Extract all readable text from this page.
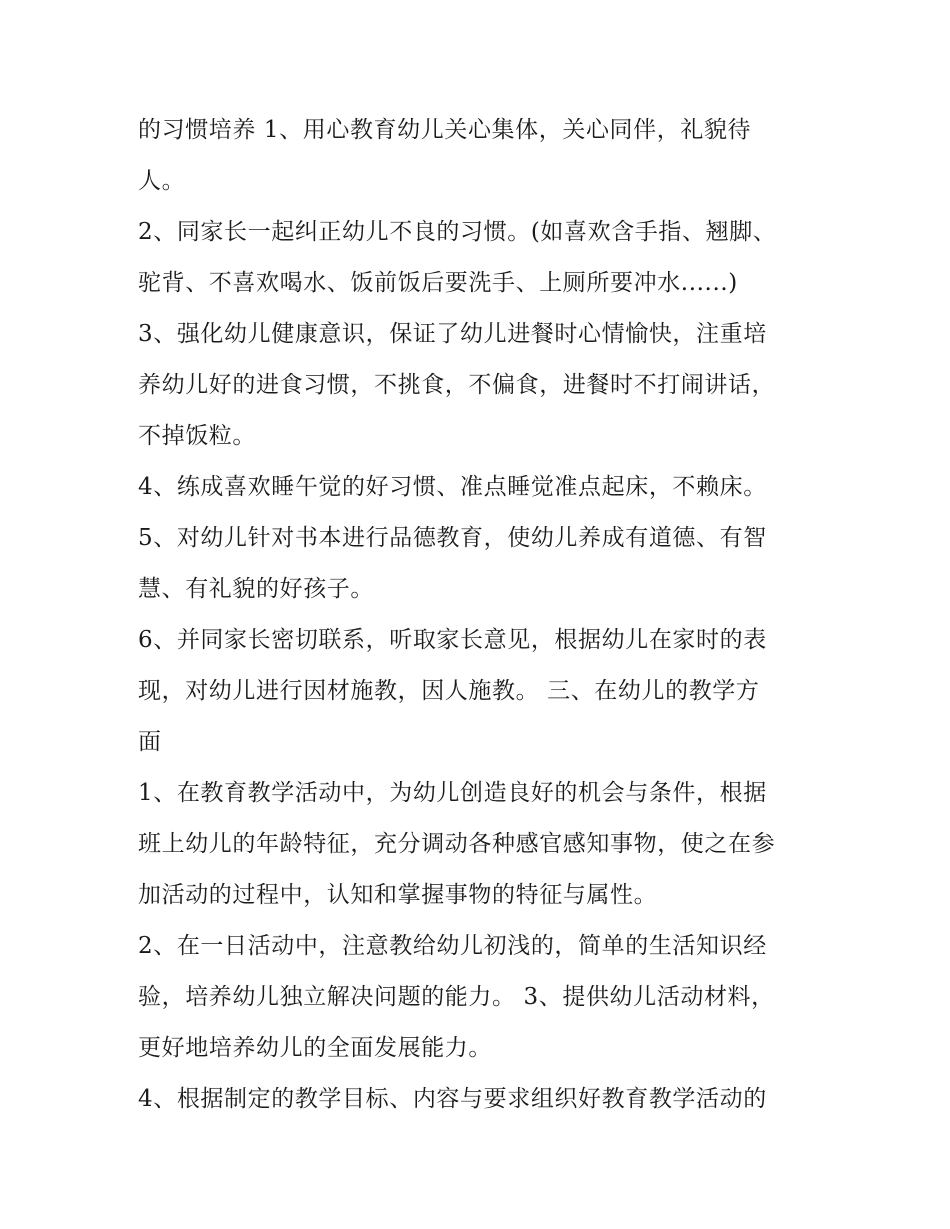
的习惯培养 1、用心教育幼儿关心集体，关心同伴，礼貌待
人。
2、同家长一起纠正幼儿不良的习惯。(如喜欢含手指、翘脚、
驼背、不喜欢喝水、饭前饭后要洗手、上厕所要冲水......)
3、强化幼儿健康意识，保证了幼儿进餐时心情愉快，注重培
养幼儿好的进食习惯，不挑食，不偏食，进餐时不打闹讲话，
不掉饭粒。
4、练成喜欢睡午觉的好习惯、准点睡觉准点起床，不赖床。
5、对幼儿针对书本进行品德教育，使幼儿养成有道德、有智
慧、有礼貌的好孩子。
6、并同家长密切联系，听取家长意见，根据幼儿在家时的表
现，对幼儿进行因材施教，因人施教。 三、在幼儿的教学方
面
1、在教育教学活动中，为幼儿创造良好的机会与条件，根据
班上幼儿的年龄特征，充分调动各种感官感知事物，使之在参
加活动的过程中，认知和掌握事物的特征与属性。
2、在一日活动中，注意教给幼儿初浅的，简单的生活知识经
验，培养幼儿独立解决问题的能力。 3、提供幼儿活动材料，
更好地培养幼儿的全面发展能力。
4、根据制定的教学目标、内容与要求组织好教育教学活动的
